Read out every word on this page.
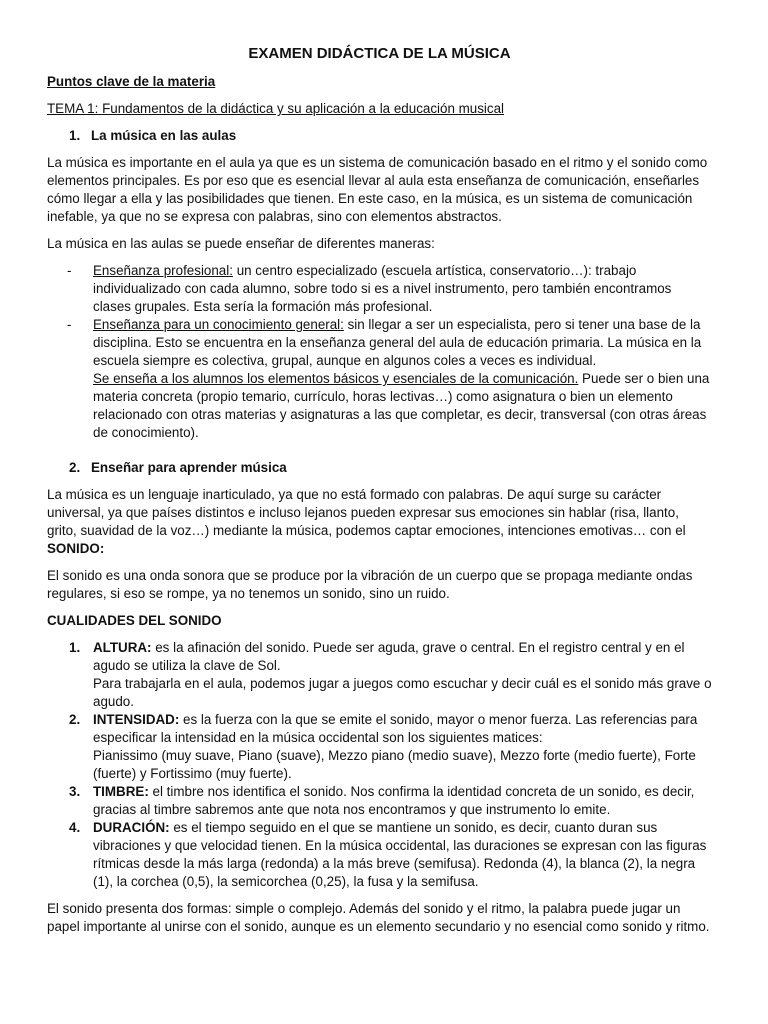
EXAMEN DIDÁCTICA DE LA MÚSICA

Puntos clave de la materia

TEMA 1: Fundamentos de la didáctica y su aplicación a la educación musical

1. La música en las aulas

La música es importante en el aula ya que es un sistema de comunicación basado en el ritmo y el sonido como elementos principales. Es por eso que es esencial llevar al aula esta enseñanza de comunicación, enseñarles cómo llegar a ella y las posibilidades que tienen. En este caso, en la música, es un sistema de comunicación inefable, ya que no se expresa con palabras, sino con elementos abstractos.

La música en las aulas se puede enseñar de diferentes maneras:

-	Enseñanza profesional: un centro especializado (escuela artística, conservatorio…): trabajo individualizado con cada alumno, sobre todo si es a nivel instrumento, pero también encontramos clases grupales. Esta sería la formación más profesional.
-	Enseñanza para un conocimiento general: sin llegar a ser un especialista, pero si tener una base de la disciplina. Esto se encuentra en la enseñanza general del aula de educación primaria. La música en la escuela siempre es colectiva, grupal, aunque en algunos coles a veces es individual.
Se enseña a los alumnos los elementos básicos y esenciales de la comunicación. Puede ser o bien una materia concreta (propio temario, currículo, horas lectivas…) como asignatura o bien un elemento relacionado con otras materias y asignaturas a las que completar, es decir, transversal (con otras áreas de conocimiento).
2. Enseñar para aprender música

La música es un lenguaje inarticulado, ya que no está formado con palabras. De aquí surge su carácter universal, ya que países distintos e incluso lejanos pueden expresar sus emociones sin hablar (risa, llanto, grito, suavidad de la voz…) mediante la música, podemos captar emociones, intenciones emotivas… con el SONIDO:

El sonido es una onda sonora que se produce por la vibración de un cuerpo que se propaga mediante ondas regulares, si eso se rompe, ya no tenemos un sonido, sino un ruido.

CUALIDADES DEL SONIDO

1. ALTURA: es la afinación del sonido. Puede ser aguda, grave o central. En el registro central y en el agudo se utiliza la clave de Sol.
Para trabajarla en el aula, podemos jugar a juegos como escuchar y decir cuál es el sonido más grave o agudo.
2. INTENSIDAD: es la fuerza con la que se emite el sonido, mayor o menor fuerza. Las referencias para especificar la intensidad en la música occidental son los siguientes matices:
Pianissimo (muy suave, Piano (suave), Mezzo piano (medio suave), Mezzo forte (medio fuerte), Forte (fuerte) y Fortissimo (muy fuerte).
3. TIMBRE: el timbre nos identifica el sonido. Nos confirma la identidad concreta de un sonido, es decir, gracias al timbre sabremos ante que nota nos encontramos y que instrumento lo emite.
4. DURACIÓN: es el tiempo seguido en el que se mantiene un sonido, es decir, cuanto duran sus vibraciones y que velocidad tienen. En la música occidental, las duraciones se expresan con las figuras rítmicas desde la más larga (redonda) a la más breve (semifusa). Redonda (4), la blanca (2), la negra (1), la corchea (0,5), la semicorchea (0,25), la fusa y la semifusa.

El sonido presenta dos formas: simple o complejo. Además del sonido y el ritmo, la palabra puede jugar un papel importante al unirse con el sonido, aunque es un elemento secundario y no esencial como sonido y ritmo.
